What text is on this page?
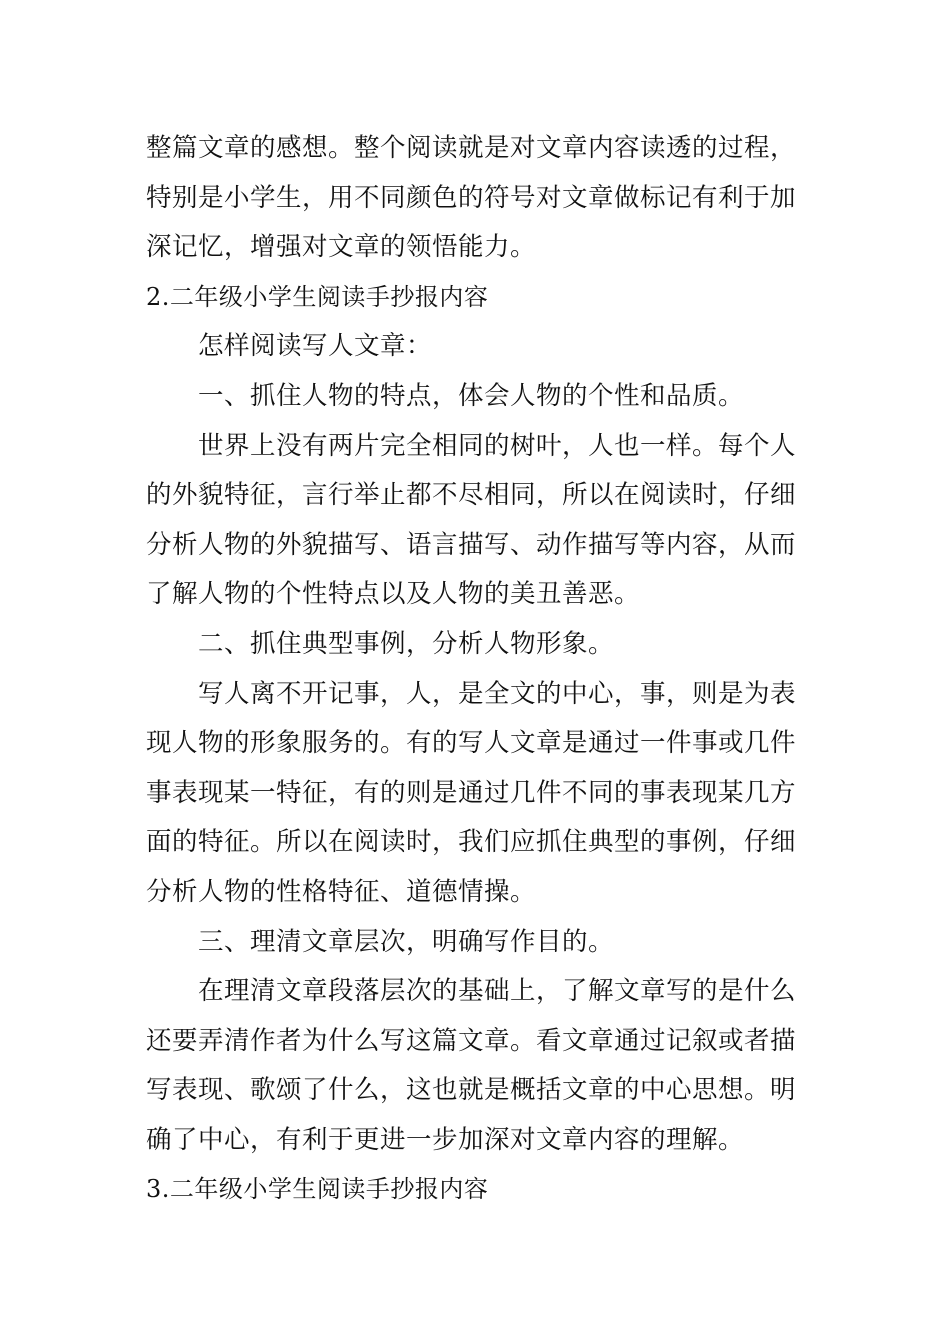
整篇文章的感想。整个阅读就是对文章内容读透的过程，
特别是小学生，用不同颜色的符号对文章做标记有利于加
深记忆，增强对文章的领悟能力。
2.二年级小学生阅读手抄报内容
怎样阅读写人文章：
一、抓住人物的特点，体会人物的个性和品质。
世界上没有两片完全相同的树叶，人也一样。每个人
的外貌特征，言行举止都不尽相同，所以在阅读时，仔细
分析人物的外貌描写、语言描写、动作描写等内容，从而
了解人物的个性特点以及人物的美丑善恶。
二、抓住典型事例，分析人物形象。
写人离不开记事，人，是全文的中心，事，则是为表
现人物的形象服务的。有的写人文章是通过一件事或几件
事表现某一特征，有的则是通过几件不同的事表现某几方
面的特征。所以在阅读时，我们应抓住典型的事例，仔细
分析人物的性格特征、道德情操。
三、理清文章层次，明确写作目的。
在理清文章段落层次的基础上，了解文章写的是什么
还要弄清作者为什么写这篇文章。看文章通过记叙或者描
写表现、歌颂了什么，这也就是概括文章的中心思想。明
确了中心，有利于更进一步加深对文章内容的理解。
3.二年级小学生阅读手抄报内容
